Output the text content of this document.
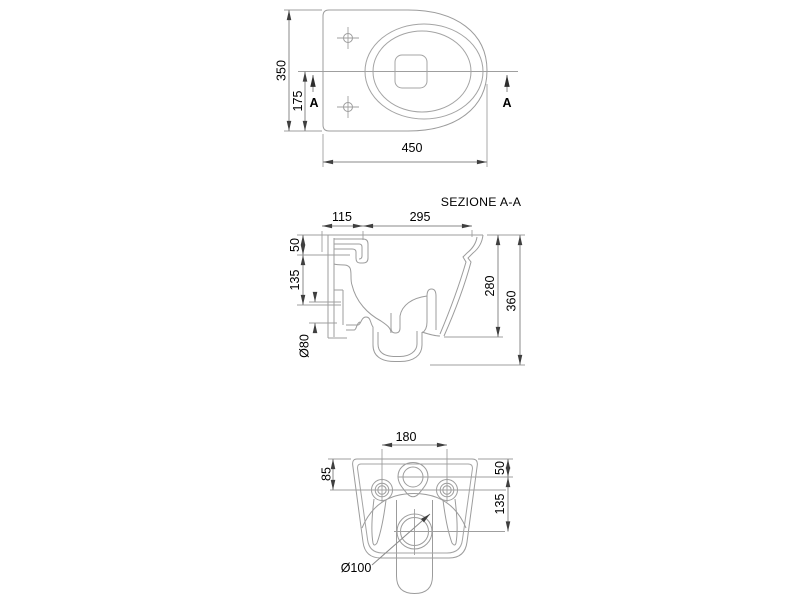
350
175
450
A	A
SEZIONE A-A
115	295
50
135
Ø80
280
360
180
85	50
135
Ø100
